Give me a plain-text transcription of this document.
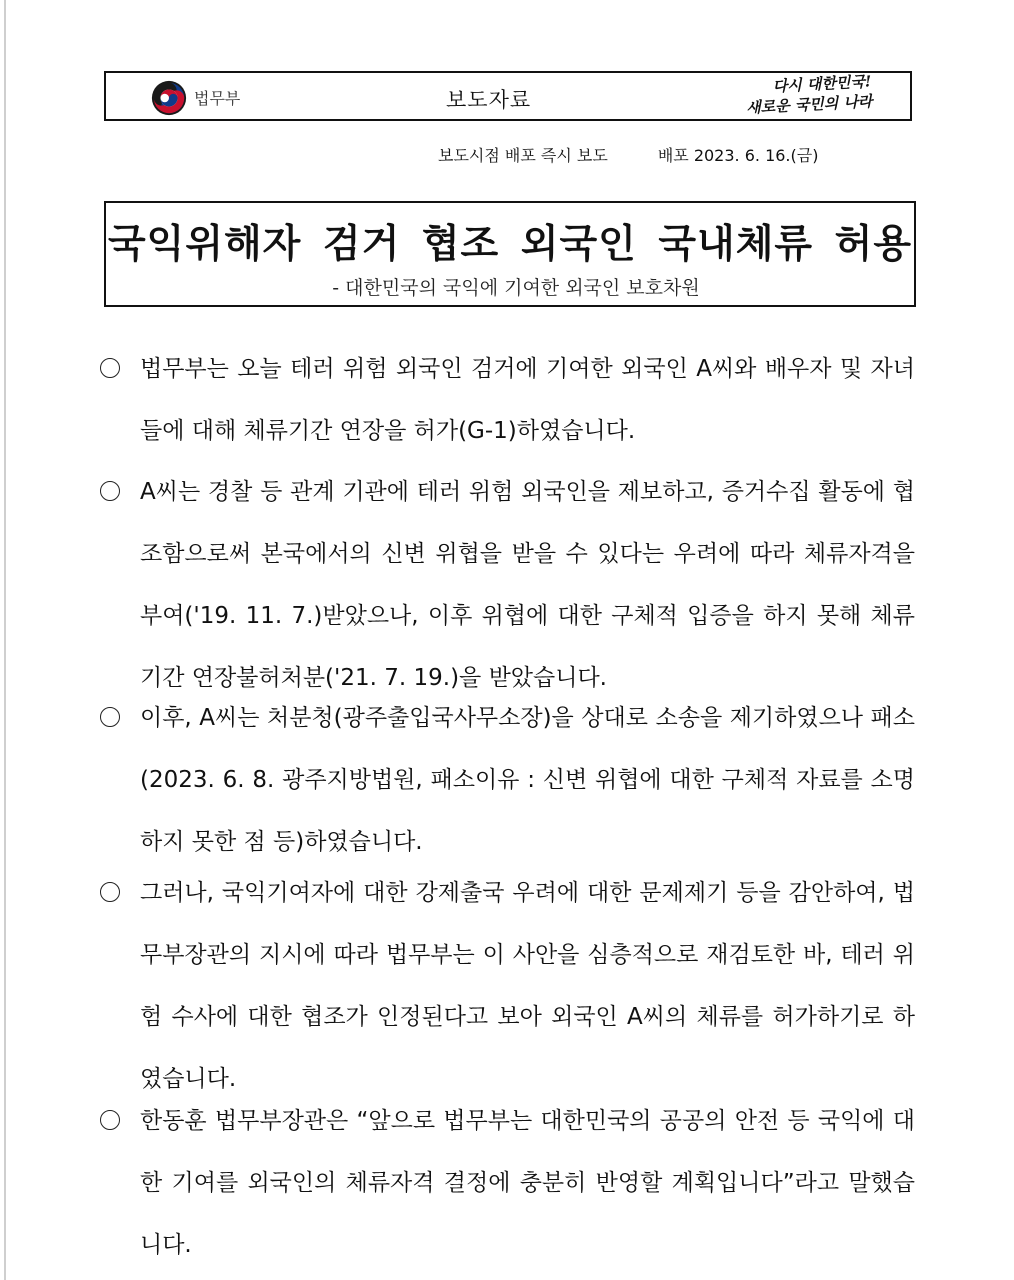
법무부	보도자료
다시 대한민국!
새로운 국민의 나라
보도시점 배포 즉시 보도	배포 2023. 6. 16.(금)
국익위해자 검거 협조 외국인 국내체류 허용
- 대한민국의 국익에 기여한 외국인 보호차원
법무부는 오늘 테러 위험 외국인 검거에 기여한 외국인 A씨와 배우자 및 자녀들에 대해 체류기간 연장을 허가(G-1)하였습니다.
A씨는 경찰 등 관계 기관에 테러 위험 외국인을 제보하고, 증거수집 활동에 협조함으로써 본국에서의 신변 위협을 받을 수 있다는 우려에 따라 체류자격을 부여('19. 11. 7.)받았으나, 이후 위협에 대한 구체적 입증을 하지 못해 체류기간 연장불허처분('21. 7. 19.)을 받았습니다.
이후, A씨는 처분청(광주출입국사무소장)을 상대로 소송을 제기하였으나 패소(2023. 6. 8. 광주지방법원, 패소이유 : 신변 위협에 대한 구체적 자료를 소명하지 못한 점 등)하였습니다.
그러나, 국익기여자에 대한 강제출국 우려에 대한 문제제기 등을 감안하여, 법무부장관의 지시에 따라 법무부는 이 사안을 심층적으로 재검토한 바, 테러 위험 수사에 대한 협조가 인정된다고 보아 외국인 A씨의 체류를 허가하기로 하였습니다.
한동훈 법무부장관은 “앞으로 법무부는 대한민국의 공공의 안전 등 국익에 대한 기여를 외국인의 체류자격 결정에 충분히 반영할 계획입니다”라고 말했습니다.
